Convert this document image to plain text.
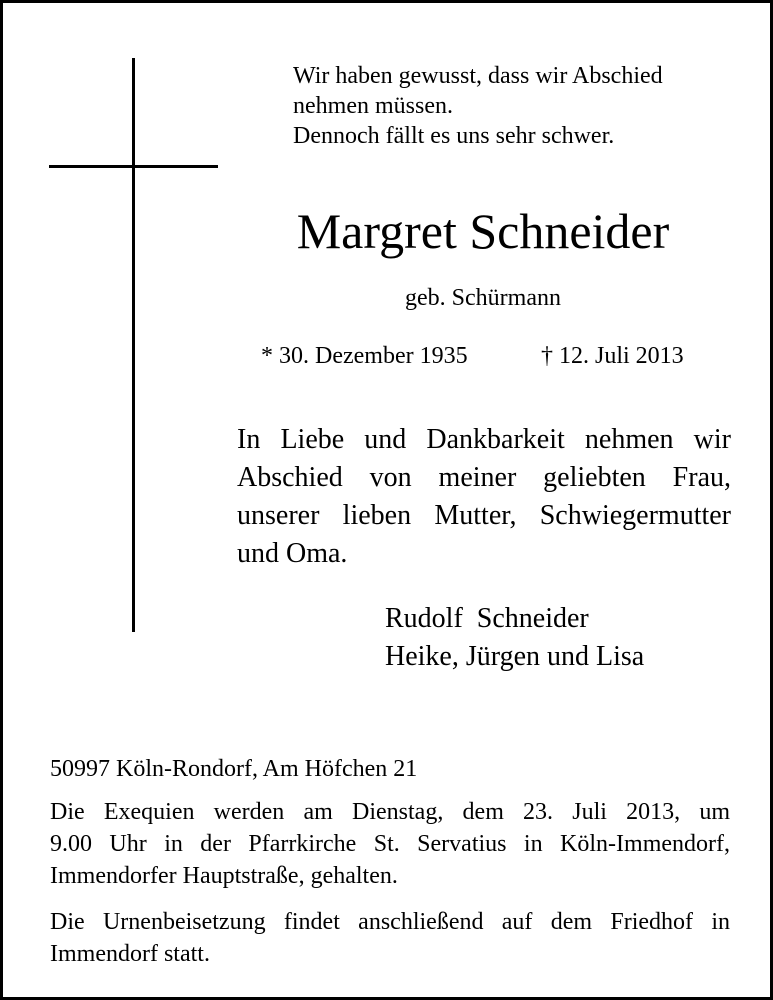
Wir haben gewusst, dass wir Abschied
nehmen müssen.
Dennoch fällt es uns sehr schwer.
Margret Schneider
geb. Schürmann
* 30. Dezember 1935	† 12. Juli 2013
In Liebe und Dankbarkeit nehmen wir
Abschied von meiner geliebten Frau,
unserer lieben Mutter, Schwiegermutter
und Oma.
Rudolf  Schneider
Heike, Jürgen und Lisa
50997 Köln-Rondorf, Am Höfchen 21
Die Exequien werden am Dienstag, dem 23. Juli 2013, um
9.00 Uhr in der Pfarrkirche St. Servatius in Köln-Immendorf,
Immendorfer Hauptstraße, gehalten.
Die Urnenbeisetzung findet anschließend auf dem Friedhof in
Immendorf statt.
